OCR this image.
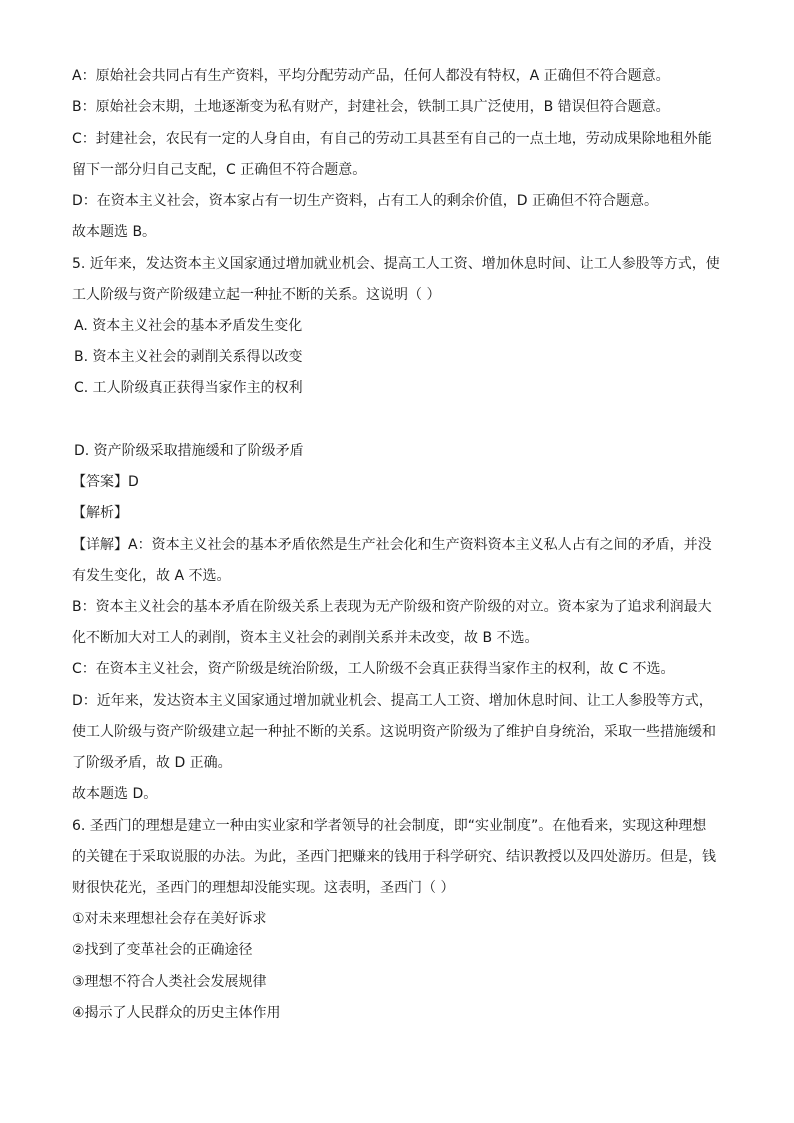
A：原始社会共同占有生产资料，平均分配劳动产品，任何人都没有特权，A 正确但不符合题意。
B：原始社会末期，土地逐渐变为私有财产，封建社会，铁制工具广泛使用，B 错误但符合题意。
C：封建社会，农民有一定的人身自由，有自己的劳动工具甚至有自己的一点土地，劳动成果除地租外能
留下一部分归自己支配，C 正确但不符合题意。
D：在资本主义社会，资本家占有一切生产资料，占有工人的剩余价值，D 正确但不符合题意。
故本题选 B。
5. 近年来，发达资本主义国家通过增加就业机会、提高工人工资、增加休息时间、让工人参股等方式，使
工人阶级与资产阶级建立起一种扯不断的关系。这说明（ ）
A. 资本主义社会的基本矛盾发生变化
B. 资本主义社会的剥削关系得以改变
C. 工人阶级真正获得当家作主的权利
D. 资产阶级采取措施缓和了阶级矛盾
【答案】D
【解析】
【详解】A：资本主义社会的基本矛盾依然是生产社会化和生产资料资本主义私人占有之间的矛盾，并没
有发生变化，故 A 不选。
B：资本主义社会的基本矛盾在阶级关系上表现为无产阶级和资产阶级的对立。资本家为了追求利润最大
化不断加大对工人的剥削，资本主义社会的剥削关系并未改变，故 B 不选。
C：在资本主义社会，资产阶级是统治阶级，工人阶级不会真正获得当家作主的权利，故 C 不选。
D：近年来，发达资本主义国家通过增加就业机会、提高工人工资、增加休息时间、让工人参股等方式，
使工人阶级与资产阶级建立起一种扯不断的关系。这说明资产阶级为了维护自身统治，采取一些措施缓和
了阶级矛盾，故 D 正确。
故本题选 D。
6. 圣西门的理想是建立一种由实业家和学者领导的社会制度，即“实业制度”。在他看来，实现这种理想
的关键在于采取说服的办法。为此，圣西门把赚来的钱用于科学研究、结识教授以及四处游历。但是，钱
财很快花光，圣西门的理想却没能实现。这表明，圣西门（ ）
①对未来理想社会存在美好诉求
②找到了变革社会的正确途径
③理想不符合人类社会发展规律
④揭示了人民群众的历史主体作用
